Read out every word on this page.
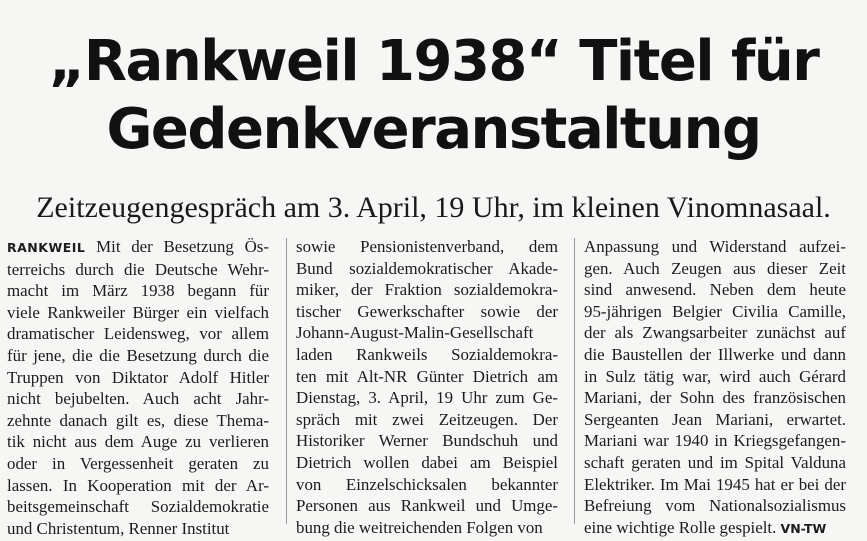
„Rankweil 1938“ Titel für
Gedenkveranstaltung
Zeitzeugengespräch am 3. April, 19 Uhr, im kleinen Vinomnasaal.
RANKWEIL Mit der Besetzung Ös-
terreichs durch die Deutsche Wehr-
macht im März 1938 begann für
viele Rankweiler Bürger ein vielfach
dramatischer Leidensweg, vor allem
für jene, die die Besetzung durch die
Truppen von Diktator Adolf Hitler
nicht bejubelten. Auch acht Jahr-
zehnte danach gilt es, diese Thema-
tik nicht aus dem Auge zu verlieren
oder in Vergessenheit geraten zu
lassen. In Kooperation mit der Ar-
beitsgemeinschaft Sozialdemokratie
und Christentum, Renner Institut
sowie Pensionistenverband, dem
Bund sozialdemokratischer Akade-
miker, der Fraktion sozialdemokra-
tischer Gewerkschafter sowie der
Johann-August-Malin-Gesellschaft
laden Rankweils Sozialdemokra-
ten mit Alt-NR Günter Dietrich am
Dienstag, 3. April, 19 Uhr zum Ge-
spräch mit zwei Zeitzeugen. Der
Historiker Werner Bundschuh und
Dietrich wollen dabei am Beispiel
von Einzelschicksalen bekannter
Personen aus Rankweil und Umge-
bung die weitreichenden Folgen von
Anpassung und Widerstand aufzei-
gen. Auch Zeugen aus dieser Zeit
sind anwesend. Neben dem heute
95-jährigen Belgier Civilia Camille,
der als Zwangsarbeiter zunächst auf
die Baustellen der Illwerke und dann
in Sulz tätig war, wird auch Gérard
Mariani, der Sohn des französischen
Sergeanten Jean Mariani, erwartet.
Mariani war 1940 in Kriegsgefangen-
schaft geraten und im Spital Valduna
Elektriker. Im Mai 1945 hat er bei der
Befreiung vom Nationalsozialismus
eine wichtige Rolle gespielt. VN-TW
